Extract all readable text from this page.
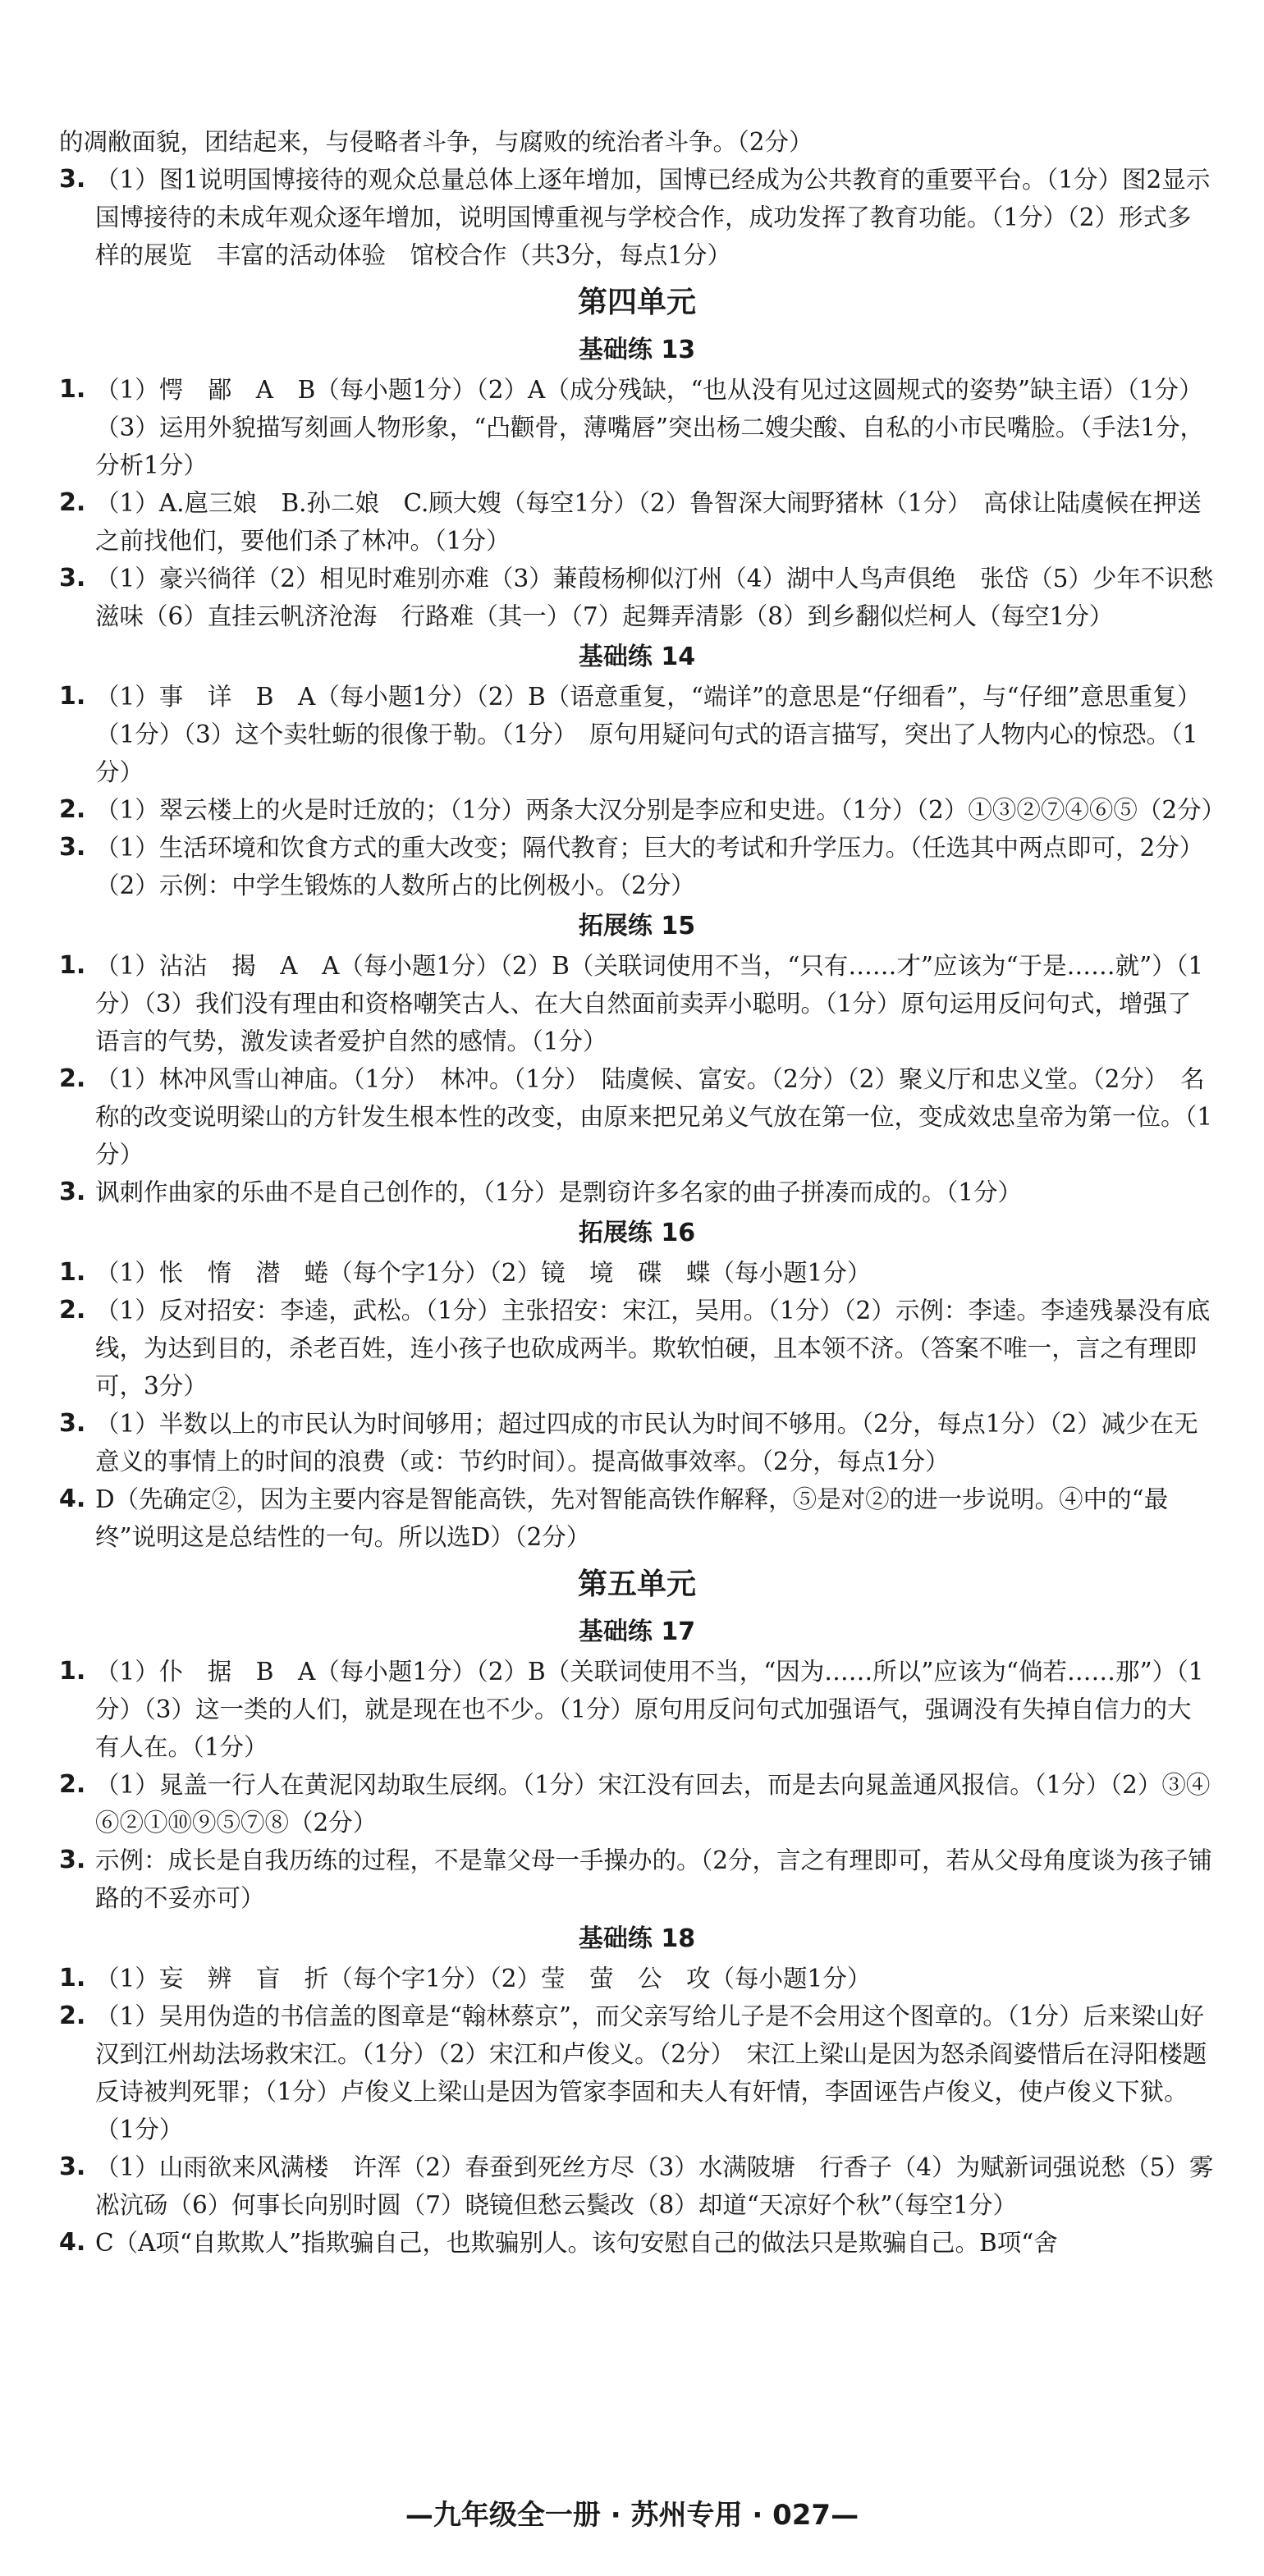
的凋敝面貌，团结起来，与侵略者斗争，与腐败的统治者斗争。（2分）

3. （1）图1说明国博接待的观众总量总体上逐年增加，国博已经成为公共教育的重要平台。（1分）图2显示国博接待的未成年观众逐年增加，说明国博重视与学校合作，成功发挥了教育功能。（1分）（2）形式多样的展览　丰富的活动体验　馆校合作（共3分，每点1分）
第四单元
基础练 13
1. （1）愕　鄙　A　B（每小题1分）（2）A（成分残缺，“也从没有见过这圆规式的姿势”缺主语）（1分）（3）运用外貌描写刻画人物形象，“凸颧骨，薄嘴唇”突出杨二嫂尖酸、自私的小市民嘴脸。（手法1分，分析1分）
2. （1）A.扈三娘　B.孙二娘　C.顾大嫂（每空1分）（2）鲁智深大闹野猪林（1分）　高俅让陆虞候在押送之前找他们，要他们杀了林冲。（1分）
3. （1）豪兴徜徉（2）相见时难别亦难（3）蒹葭杨柳似汀州（4）湖中人鸟声俱绝　张岱（5）少年不识愁滋味（6）直挂云帆济沧海　行路难（其一）（7）起舞弄清影（8）到乡翻似烂柯人（每空1分）
基础练 14
1. （1）事　详　B　A（每小题1分）（2）B（语意重复，“端详”的意思是“仔细看”，与“仔细”意思重复）（1分）（3）这个卖牡蛎的很像于勒。（1分）　原句用疑问句式的语言描写，突出了人物内心的惊恐。（1分）
2. （1）翠云楼上的火是时迁放的；（1分）两条大汉分别是李应和史进。（1分）（2）①③②⑦④⑥⑤（2分）
3. （1）生活环境和饮食方式的重大改变；隔代教育；巨大的考试和升学压力。（任选其中两点即可，2分）（2）示例：中学生锻炼的人数所占的比例极小。（2分）
拓展练 15
1. （1）沾沾　揭　A　A（每小题1分）（2）B（关联词使用不当，“只有……才”应该为“于是……就”）（1分）（3）我们没有理由和资格嘲笑古人、在大自然面前卖弄小聪明。（1分）原句运用反问句式，增强了语言的气势，激发读者爱护自然的感情。（1分）
2. （1）林冲风雪山神庙。（1分）　林冲。（1分）　陆虞候、富安。（2分）（2）聚义厅和忠义堂。（2分）　名称的改变说明梁山的方针发生根本性的改变，由原来把兄弟义气放在第一位，变成效忠皇帝为第一位。（1分）
3. 讽刺作曲家的乐曲不是自己创作的，（1分）是剽窃许多名家的曲子拼凑而成的。（1分）
拓展练 16
1. （1）怅　惰　潜　蜷（每个字1分）（2）镜　境　碟　蝶（每小题1分）
2. （1）反对招安：李逵，武松。（1分）主张招安：宋江，吴用。（1分）（2）示例：李逵。李逵残暴没有底线，为达到目的，杀老百姓，连小孩子也砍成两半。欺软怕硬，且本领不济。（答案不唯一，言之有理即可，3分）
3. （1）半数以上的市民认为时间够用；超过四成的市民认为时间不够用。（2分，每点1分）（2）减少在无意义的事情上的时间的浪费（或：节约时间）。提高做事效率。（2分，每点1分）
4. D（先确定②，因为主要内容是智能高铁，先对智能高铁作解释，⑤是对②的进一步说明。④中的“最终”说明这是总结性的一句。所以选D）（2分）
第五单元
基础练 17
1. （1）仆　据　B　A（每小题1分）（2）B（关联词使用不当，“因为……所以”应该为“倘若……那”）（1分）（3）这一类的人们，就是现在也不少。（1分）原句用反问句式加强语气，强调没有失掉自信力的大有人在。（1分）
2. （1）晁盖一行人在黄泥冈劫取生辰纲。（1分）宋江没有回去，而是去向晁盖通风报信。（1分）（2）③④⑥②①⑩⑨⑤⑦⑧（2分）
3. 示例：成长是自我历练的过程，不是靠父母一手操办的。（2分，言之有理即可，若从父母角度谈为孩子铺路的不妥亦可）
基础练 18
1. （1）妄　辨　盲　折（每个字1分）（2）莹　萤　公　攻（每小题1分）
2. （1）吴用伪造的书信盖的图章是“翰林蔡京”，而父亲写给儿子是不会用这个图章的。（1分）后来梁山好汉到江州劫法场救宋江。（1分）（2）宋江和卢俊义。（2分）　宋江上梁山是因为怒杀阎婆惜后在浔阳楼题反诗被判死罪；（1分）卢俊义上梁山是因为管家李固和夫人有奸情，李固诬告卢俊义，使卢俊义下狱。（1分）
3. （1）山雨欲来风满楼　许浑（2）春蚕到死丝方尽（3）水满陂塘　行香子（4）为赋新词强说愁（5）雾凇沆砀（6）何事长向别时圆（7）晓镜但愁云鬓改（8）却道“天凉好个秋”（每空1分）
4. C（A项“自欺欺人”指欺骗自己，也欺骗别人。该句安慰自己的做法只是欺骗自己。B项“舍
—九年级全一册 · 苏州专用 · 027—
